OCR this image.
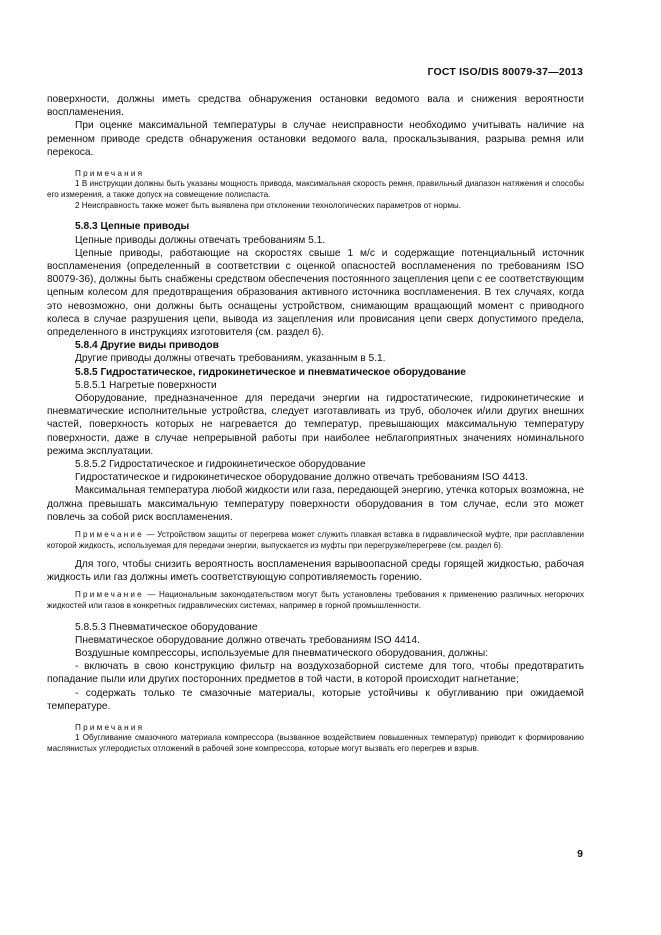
ГОСТ ISO/DIS 80079-37—2013

поверхности, должны иметь средства обнаружения остановки ведомого вала и снижения вероятности воспламенения.

При оценке максимальной температуры в случае неисправности необходимо учитывать наличие на ременном приводе средств обнаружения остановки ведомого вала, проскальзывания, разрыва ремня или перекоса.

Примечания

1 В инструкции должны быть указаны мощность привода, максимальная скорость ремня, правильный диапазон натяжения и способы его измерения, а также допуск на совмещение полиспаста.

2 Неисправность также может быть выявлена при отклонении технологических параметров от нормы.

5.8.3 Цепные приводы

Цепные приводы должны отвечать требованиям 5.1.

Цепные приводы, работающие на скоростях свыше 1 м/с и содержащие потенциальный источник воспламенения (определенный в соответствии с оценкой опасностей воспламенения по требованиям ISO 80079-36), должны быть снабжены средством обеспечения постоянного зацепления цепи с ее соответствующим цепным колесом для предотвращения образования активного источника воспламенения. В тех случаях, когда это невозможно, они должны быть оснащены устройством, снимающим вращающий момент с приводного колеса в случае разрушения цепи, вывода из зацепления или провисания цепи сверх допустимого предела, определенного в инструкциях изготовителя (см. раздел 6).

5.8.4 Другие виды приводов

Другие приводы должны отвечать требованиям, указанным в 5.1.

5.8.5 Гидростатическое, гидрокинетическое и пневматическое оборудование

5.8.5.1 Нагретые поверхности

Оборудование, предназначенное для передачи энергии на гидростатические, гидрокинетические и пневматические исполнительные устройства, следует изготавливать из труб, оболочек и/или других внешних частей, поверхность которых не нагревается до температур, превышающих максимальную температуру поверхности, даже в случае непрерывной работы при наиболее неблагоприятных значениях номинального режима эксплуатации.

5.8.5.2 Гидростатическое и гидрокинетическое оборудование

Гидростатическое и гидрокинетическое оборудование должно отвечать требованиям ISO 4413.

Максимальная температура любой жидкости или газа, передающей энергию, утечка которых возможна, не должна превышать максимальную температуру поверхности оборудования в том случае, если это может повлечь за собой риск воспламенения.

Примечание — Устройством защиты от перегрева может служить плавкая вставка в гидравлической муфте, при расплавлении которой жидкость, используемая для передачи энергии, выпускается из муфты при перегрузке/перегреве (см. раздел 6).

Для того, чтобы снизить вероятность воспламенения взрывоопасной среды горящей жидкостью, рабочая жидкость или газ должны иметь соответствующую сопротивляемость горению.

Примечание — Национальным законодательством могут быть установлены требования к применению различных негорючих жидкостей или газов в конкретных гидравлических системах, например в горной промышленности.

5.8.5.3 Пневматическое оборудование

Пневматическое оборудование должно отвечать требованиям ISO 4414.

Воздушные компрессоры, используемые для пневматического оборудования, должны:

- включать в свою конструкцию фильтр на воздухозаборной системе для того, чтобы предотвратить попадание пыли или других посторонних предметов в той части, в которой происходит нагнетание;

- содержать только те смазочные материалы, которые устойчивы к обугливанию при ожидаемой температуре.

Примечания

1 Обугливание смазочного материала компрессора (вызванное воздействием повышенных температур) приводит к формированию маслянистых углеродистых отложений в рабочей зоне компрессора, которые могут вызвать его перегрев и взрыв.

9
